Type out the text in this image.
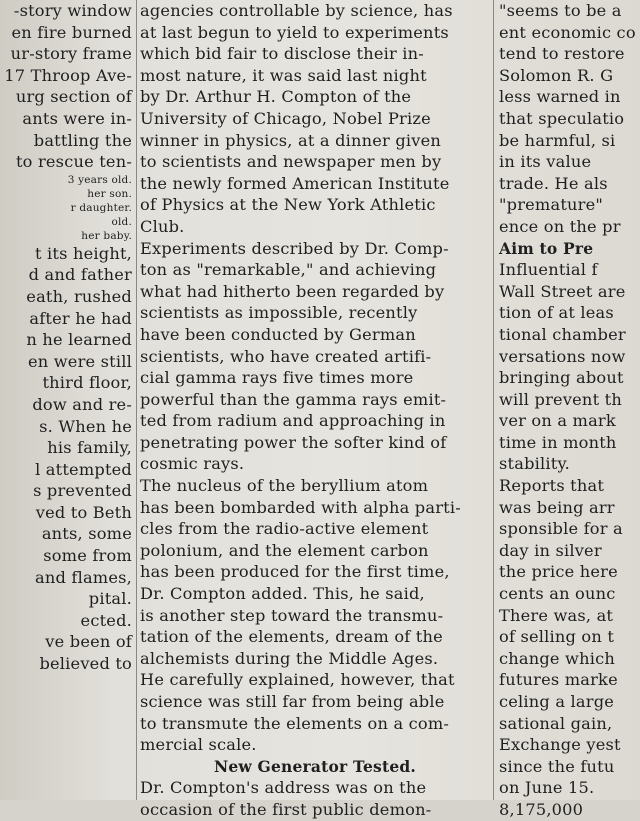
-story window
en fire burned
ur-story frame
17 Throop Ave-
urg section of
ants were in-
battling the
to rescue ten-
3 years old.
her son.
r daughter.
old.
her baby.
t its height,
d and father
eath, rushed
after he had
n he learned
en were still
third floor,
dow and re-
s. When he
his family,
l attempted
s prevented
ved to Beth
ants, some
some from
and flames,
pital.
ected.
ve been of
believed to
agencies controllable by science, has
at last begun to yield to experiments
which bid fair to disclose their in-
most nature, it was said last night
by Dr. Arthur H. Compton of the
University of Chicago, Nobel Prize
winner in physics, at a dinner given
to scientists and newspaper men by
the newly formed American Institute
of Physics at the New York Athletic
Club.
Experiments described by Dr. Comp-
ton as "remarkable," and achieving
what had hitherto been regarded by
scientists as impossible, recently
have been conducted by German
scientists, who have created artifi-
cial gamma rays five times more
powerful than the gamma rays emit-
ted from radium and approaching in
penetrating power the softer kind of
cosmic rays.
The nucleus of the beryllium atom
has been bombarded with alpha parti-
cles from the radio-active element
polonium, and the element carbon
has been produced for the first time,
Dr. Compton added. This, he said,
is another step toward the transmu-
tation of the elements, dream of the
alchemists during the Middle Ages.
He carefully explained, however, that
science was still far from being able
to transmute the elements on a com-
mercial scale.
New Generator Tested.
Dr. Compton's address was on the
occasion of the first public demon-
"seems to be a
ent economic co
tend to restore
Solomon R. G
less warned in
that speculatio
be harmful, si
in its value
trade. He als
"premature"
ence on the pr
Aim to Pre
Influential f
Wall Street are
tion of at leas
tional chamber
versations now
bringing about
will prevent th
ver on a mark
time in month
stability.
Reports that
was being arr
sponsible for a
day in silver
the price here
cents an ounc
There was, at
of selling on t
change which
futures marke
celing a large
sational gain,
Exchange yest
since the futu
on June 15.
8,175,000
